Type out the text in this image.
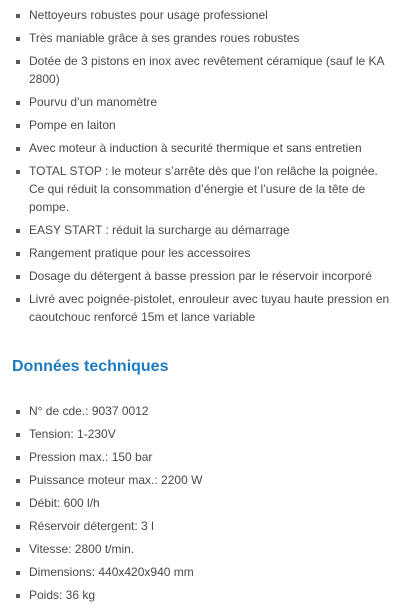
Nettoyeurs robustes pour usage professionel
Très maniable grâce à ses grandes roues robustes
Dotée de 3 pistons en inox avec revêtement céramique (sauf le KA 2800)
Pourvu d’un manomètre
Pompe en laiton
Avec moteur à induction à securité thermique et sans entretien
TOTAL STOP : le moteur s’arrête dès que l’on relâche la poignée. Ce qui réduit la consommation d’énergie et l’usure de la tête de pompe.
EASY START : réduit la surcharge au démarrage
Rangement pratique pour les accessoires
Dosage du détergent à basse pression par le réservoir incorporé
Livré avec poignée-pistolet, enrouleur avec tuyau haute pression en caoutchouc renforcé 15m et lance variable
Données techniques
N° de cde.: 9037 0012
Tension: 1-230V
Pression max.: 150 bar
Puissance moteur max.: 2200 W
Débit: 600 l/h
Réservoir détergent: 3 l
Vitesse: 2800 t/min.
Dimensions: 440x420x940 mm
Poids: 36 kg
